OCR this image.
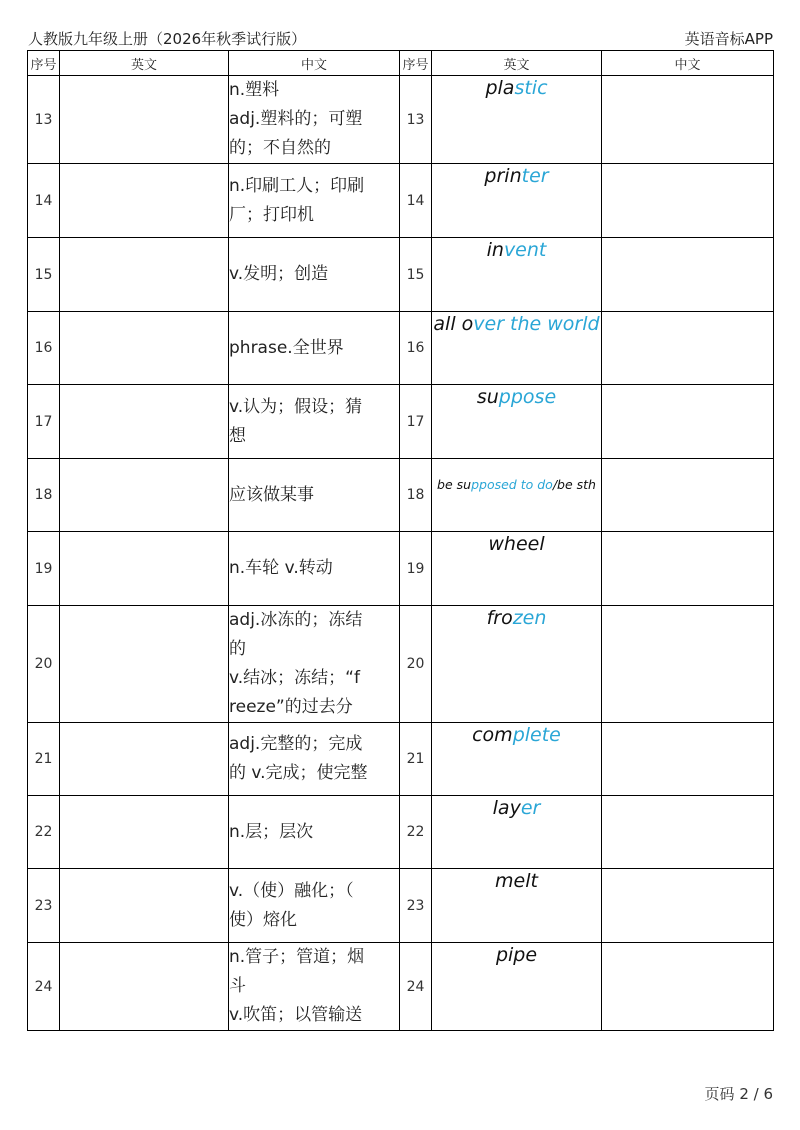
人教版九年级上册（2026年秋季试行版）	英语音标APP
序号	英文	中文	序号	英文	中文
13		n.塑料
adj.塑料的；可塑
的；不自然的	13	plastic	
14		n.印刷工人；印刷
厂；打印机	14	printer	
15		v.发明；创造	15	invent	
16		phrase.全世界	16	all over the world	
17		v.认为；假设；猜
想	17	suppose	
18		应该做某事	18	be supposed to do/be sth	
19		n.车轮 v.转动	19	wheel	
20		adj.冰冻的；冻结
的
v.结冰；冻结；“f
reeze”的过去分	20	frozen	
21		adj.完整的；完成
的 v.完成；使完整	21	complete	
22		n.层；层次	22	layer	
23		v.（使）融化；（
使）熔化	23	melt	
24		n.管子；管道；烟
斗
v.吹笛；以管输送	24	pipe	
页码 2 / 6
